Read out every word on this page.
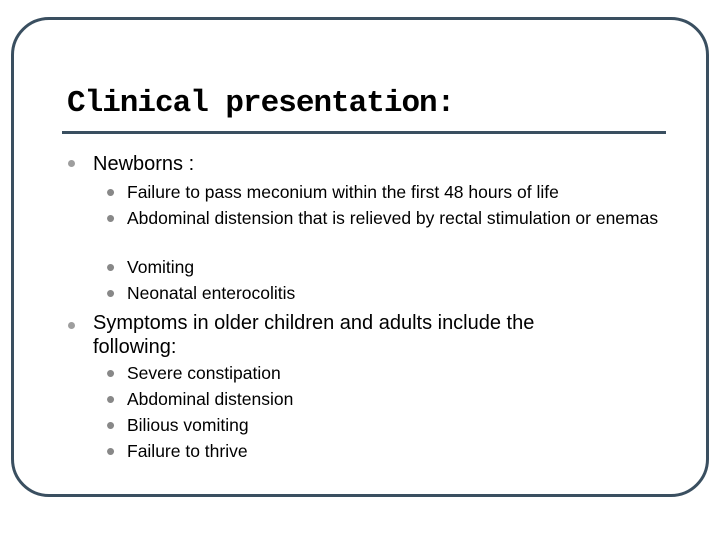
Clinical presentation:
Newborns :
• Failure to pass meconium within the first 48 hours of life
• Abdominal distension that is relieved by rectal stimulation or enemas
• Vomiting
• Neonatal enterocolitis
Symptoms in older children and adults include the following:
• Severe constipation
• Abdominal distension
• Bilious vomiting
• Failure to thrive
